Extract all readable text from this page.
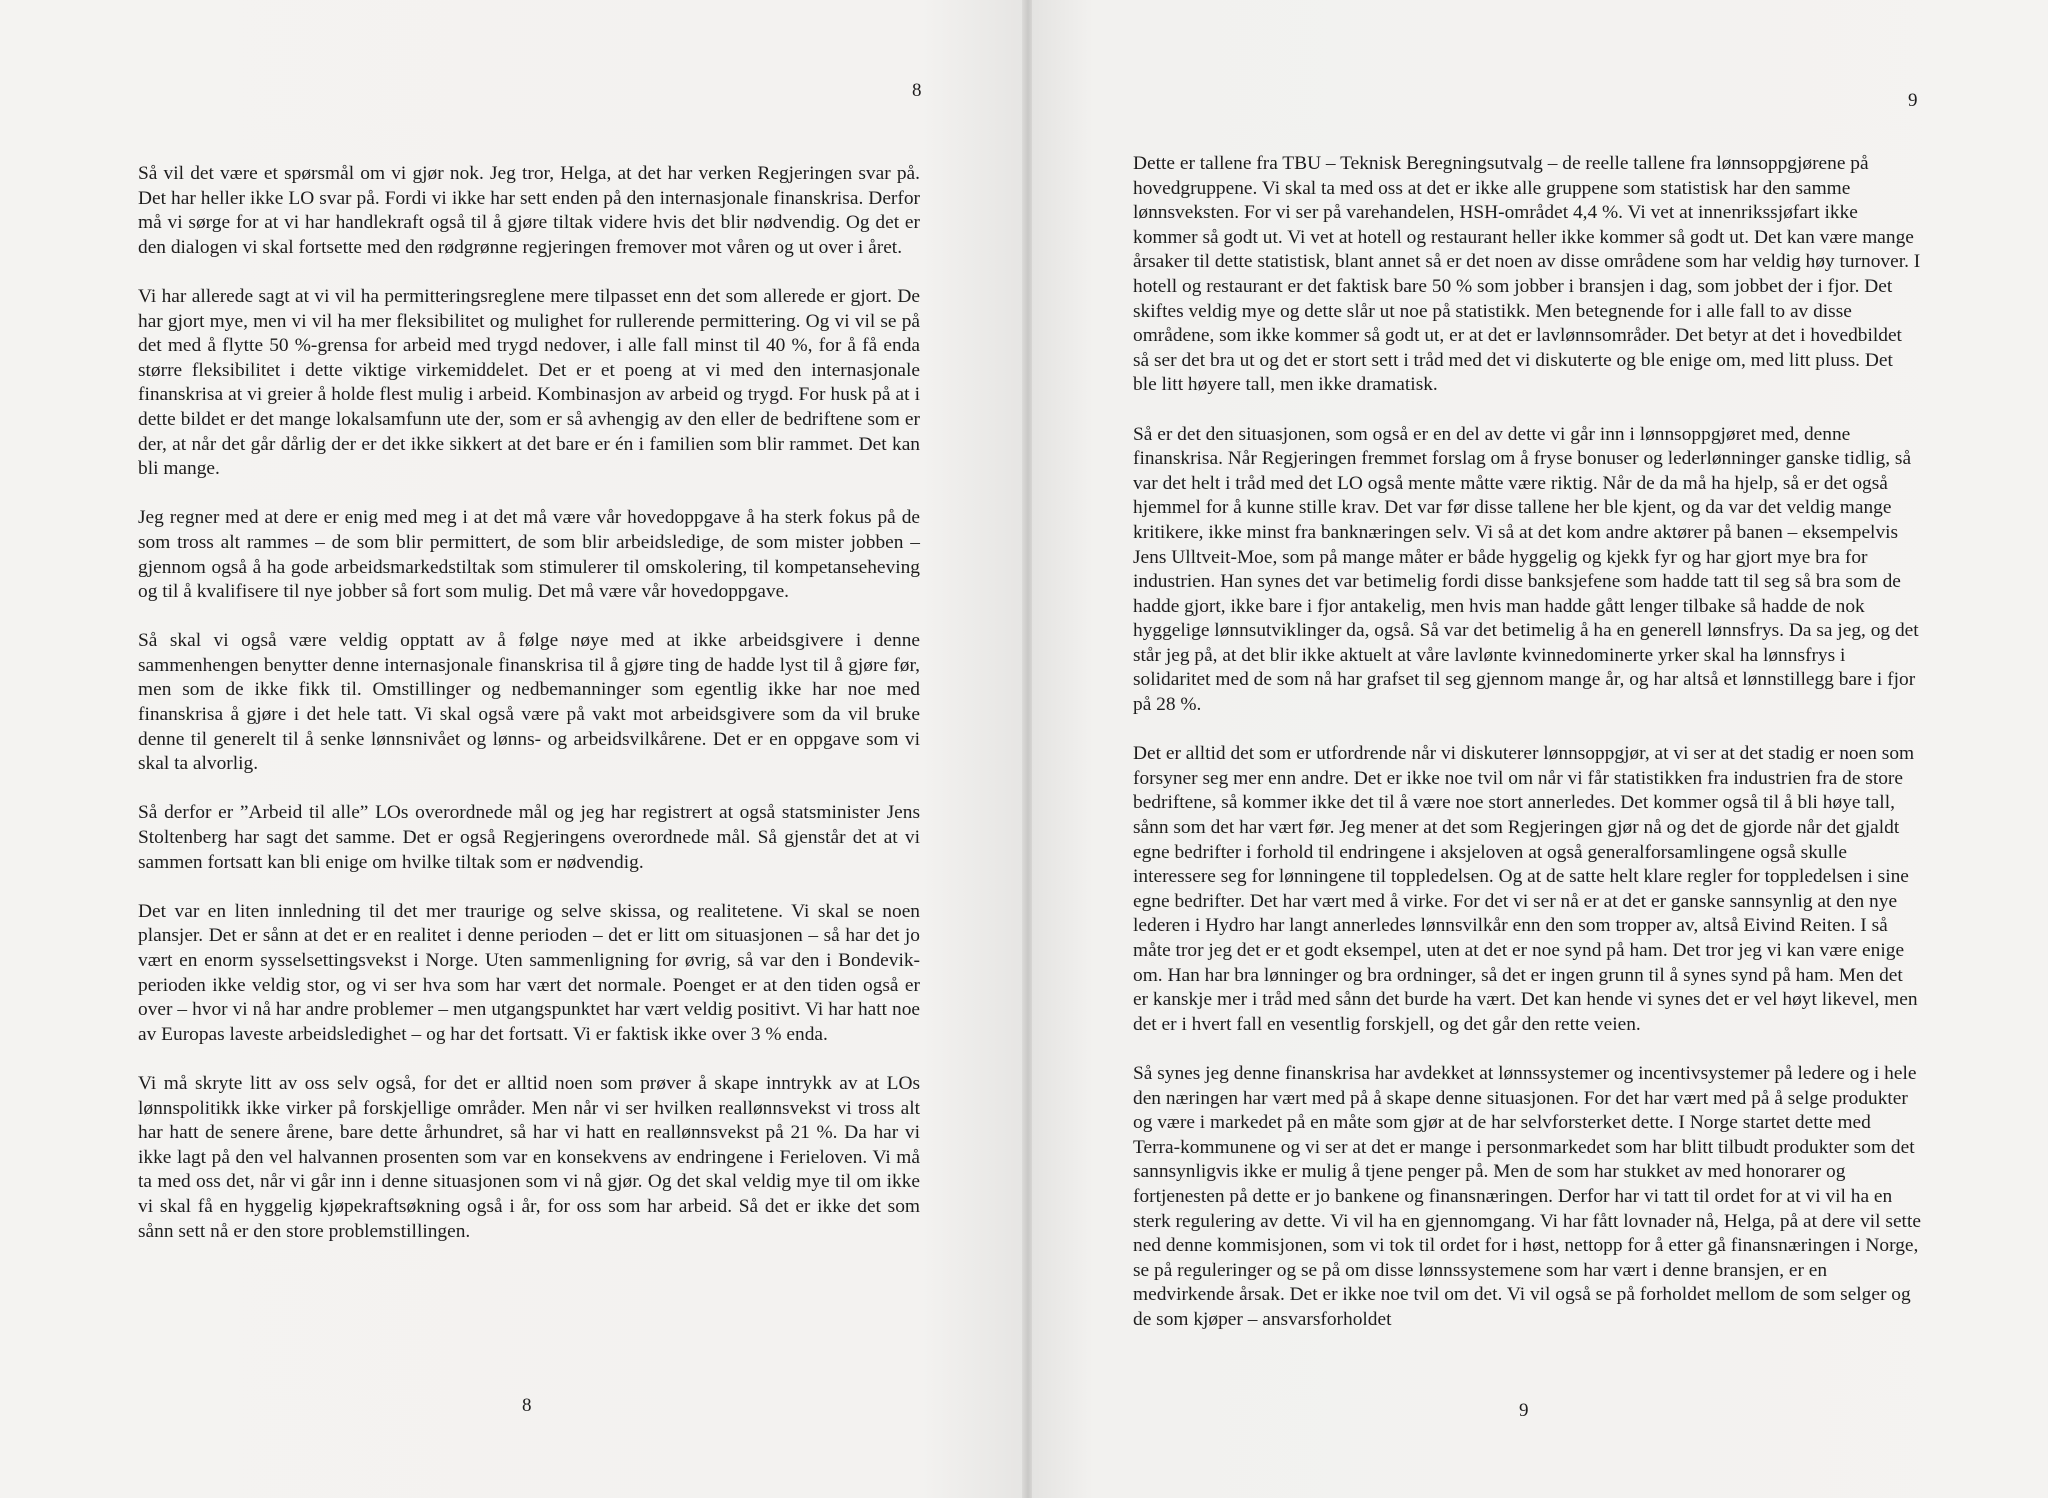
8

Så vil det være et spørsmål om vi gjør nok. Jeg tror, Helga, at det har verken Regjeringen svar på. Det har heller ikke LO svar på. Fordi vi ikke har sett enden på den internasjonale finanskrisa. Derfor må vi sørge for at vi har handlekraft også til å gjøre tiltak videre hvis det blir nødvendig. Og det er den dialogen vi skal fortsette med den rødgrønne regjeringen fremover mot våren og ut over i året.

Vi har allerede sagt at vi vil ha permitteringsreglene mere tilpasset enn det som allerede er gjort. De har gjort mye, men vi vil ha mer fleksibilitet og mulighet for rullerende permittering. Og vi vil se på det med å flytte 50 %-grensa for arbeid med trygd nedover, i alle fall minst til 40 %, for å få enda større fleksibilitet i dette viktige virkemiddelet. Det er et poeng at vi med den internasjonale finanskrisa at vi greier å holde flest mulig i arbeid. Kombinasjon av arbeid og trygd. For husk på at i dette bildet er det mange lokalsamfunn ute der, som er så avhengig av den eller de bedriftene som er der, at når det går dårlig der er det ikke sikkert at det bare er én i familien som blir rammet. Det kan bli mange.

Jeg regner med at dere er enig med meg i at det må være vår hovedoppgave å ha sterk fokus på de som tross alt rammes – de som blir permittert, de som blir arbeidsledige, de som mister jobben – gjennom også å ha gode arbeidsmarkedstiltak som stimulerer til omskolering, til kompetanseheving og til å kvalifisere til nye jobber så fort som mulig. Det må være vår hovedoppgave.

Så skal vi også være veldig opptatt av å følge nøye med at ikke arbeidsgivere i denne sammenhengen benytter denne internasjonale finanskrisa til å gjøre ting de hadde lyst til å gjøre før, men som de ikke fikk til. Omstillinger og nedbemanninger som egentlig ikke har noe med finanskrisa å gjøre i det hele tatt. Vi skal også være på vakt mot arbeidsgivere som da vil bruke denne til generelt til å senke lønnsnivået og lønns- og arbeidsvilkårene. Det er en oppgave som vi skal ta alvorlig.

Så derfor er ”Arbeid til alle” LOs overordnede mål og jeg har registrert at også statsminister Jens Stoltenberg har sagt det samme. Det er også Regjeringens overordnede mål. Så gjenstår det at vi sammen fortsatt kan bli enige om hvilke tiltak som er nødvendig.

Det var en liten innledning til det mer traurige og selve skissa, og realitetene. Vi skal se noen plansjer. Det er sånn at det er en realitet i denne perioden – det er litt om situasjonen – så har det jo vært en enorm sysselsettingsvekst i Norge. Uten sammenligning for øvrig, så var den i Bondevik-perioden ikke veldig stor, og vi ser hva som har vært det normale. Poenget er at den tiden også er over – hvor vi nå har andre problemer – men utgangspunktet har vært veldig positivt. Vi har hatt noe av Europas laveste arbeidsledighet – og har det fortsatt. Vi er faktisk ikke over 3 % enda.

Vi må skryte litt av oss selv også, for det er alltid noen som prøver å skape inntrykk av at LOs lønnspolitikk ikke virker på forskjellige områder. Men når vi ser hvilken reallønnsvekst vi tross alt har hatt de senere årene, bare dette århundret, så har vi hatt en reallønnsvekst på 21 %. Da har vi ikke lagt på den vel halvannen prosenten som var en konsekvens av endringene i Ferieloven. Vi må ta med oss det, når vi går inn i denne situasjonen som vi nå gjør. Og det skal veldig mye til om ikke vi skal få en hyggelig kjøpekraftsøkning også i år, for oss som har arbeid. Så det er ikke det som sånn sett nå er den store problemstillingen.

8
9
9

Dette er tallene fra TBU – Teknisk Beregningsutvalg – de reelle tallene fra lønnsoppgjørene på hovedgruppene. Vi skal ta med oss at det er ikke alle gruppene som statistisk har den samme lønnsveksten. For vi ser på varehandelen, HSH-området 4,4 %. Vi vet at innenrikssjøfart ikke kommer så godt ut. Vi vet at hotell og restaurant heller ikke kommer så godt ut. Det kan være mange årsaker til dette statistisk, blant annet så er det noen av disse områdene som har veldig høy turnover. I hotell og restaurant er det faktisk bare 50 % som jobber i bransjen i dag, som jobbet der i fjor. Det skiftes veldig mye og dette slår ut noe på statistikk. Men betegnende for i alle fall to av disse områdene, som ikke kommer så godt ut, er at det er lavlønnsområder. Det betyr at det i hovedbildet så ser det bra ut og det er stort sett i tråd med det vi diskuterte og ble enige om, med litt pluss. Det ble litt høyere tall, men ikke dramatisk.

Så er det den situasjonen, som også er en del av dette vi går inn i lønnsoppgjøret med, denne finanskrisa. Når Regjeringen fremmet forslag om å fryse bonuser og lederlønninger ganske tidlig, så var det helt i tråd med det LO også mente måtte være riktig. Når de da må ha hjelp, så er det også hjemmel for å kunne stille krav. Det var før disse tallene her ble kjent, og da var det veldig mange kritikere, ikke minst fra banknæringen selv. Vi så at det kom andre aktører på banen – eksempelvis Jens Ulltveit-Moe, som på mange måter er både hyggelig og kjekk fyr og har gjort mye bra for industrien. Han synes det var betimelig fordi disse banksjefene som hadde tatt til seg så bra som de hadde gjort, ikke bare i fjor antakelig, men hvis man hadde gått lenger tilbake så hadde de nok hyggelige lønnsutviklinger da, også. Så var det betimelig å ha en generell lønnsfrys. Da sa jeg, og det står jeg på, at det blir ikke aktuelt at våre lavlønte kvinnedominerte yrker skal ha lønnsfrys i solidaritet med de som nå har grafset til seg gjennom mange år, og har altså et lønnstillegg bare i fjor på 28 %.

Det er alltid det som er utfordrende når vi diskuterer lønnsoppgjør, at vi ser at det stadig er noen som forsyner seg mer enn andre. Det er ikke noe tvil om når vi får statistikken fra industrien fra de store bedriftene, så kommer ikke det til å være noe stort annerledes. Det kommer også til å bli høye tall, sånn som det har vært før. Jeg mener at det som Regjeringen gjør nå og det de gjorde når det gjaldt egne bedrifter i forhold til endringene i aksjeloven at også generalforsamlingene også skulle interessere seg for lønningene til toppledelsen. Og at de satte helt klare regler for toppledelsen i sine egne bedrifter. Det har vært med å virke. For det vi ser nå er at det er ganske sannsynlig at den nye lederen i Hydro har langt annerledes lønnsvilkår enn den som tropper av, altså Eivind Reiten. I så måte tror jeg det er et godt eksempel, uten at det er noe synd på ham. Det tror jeg vi kan være enige om. Han har bra lønninger og bra ordninger, så det er ingen grunn til å synes synd på ham. Men det er kanskje mer i tråd med sånn det burde ha vært. Det kan hende vi synes det er vel høyt likevel, men det er i hvert fall en vesentlig forskjell, og det går den rette veien.

Så synes jeg denne finanskrisa har avdekket at lønnssystemer og incentivsystemer på ledere og i hele den næringen har vært med på å skape denne situasjonen. For det har vært med på å selge produkter og være i markedet på en måte som gjør at de har selvforsterket dette. I Norge startet dette med Terra-kommunene og vi ser at det er mange i personmarkedet som har blitt tilbudt produkter som det sannsynligvis ikke er mulig å tjene penger på. Men de som har stukket av med honorarer og fortjenesten på dette er jo bankene og finansnæringen. Derfor har vi tatt til ordet for at vi vil ha en sterk regulering av dette. Vi vil ha en gjennomgang. Vi har fått lovnader nå, Helga, på at dere vil sette ned denne kommisjonen, som vi tok til ordet for i høst, nettopp for å etter gå finansnæringen i Norge, se på reguleringer og se på om disse lønnssystemene som har vært i denne bransjen, er en medvirkende årsak. Det er ikke noe tvil om det. Vi vil også se på forholdet mellom de som selger og de som kjøper – ansvarsforholdet
